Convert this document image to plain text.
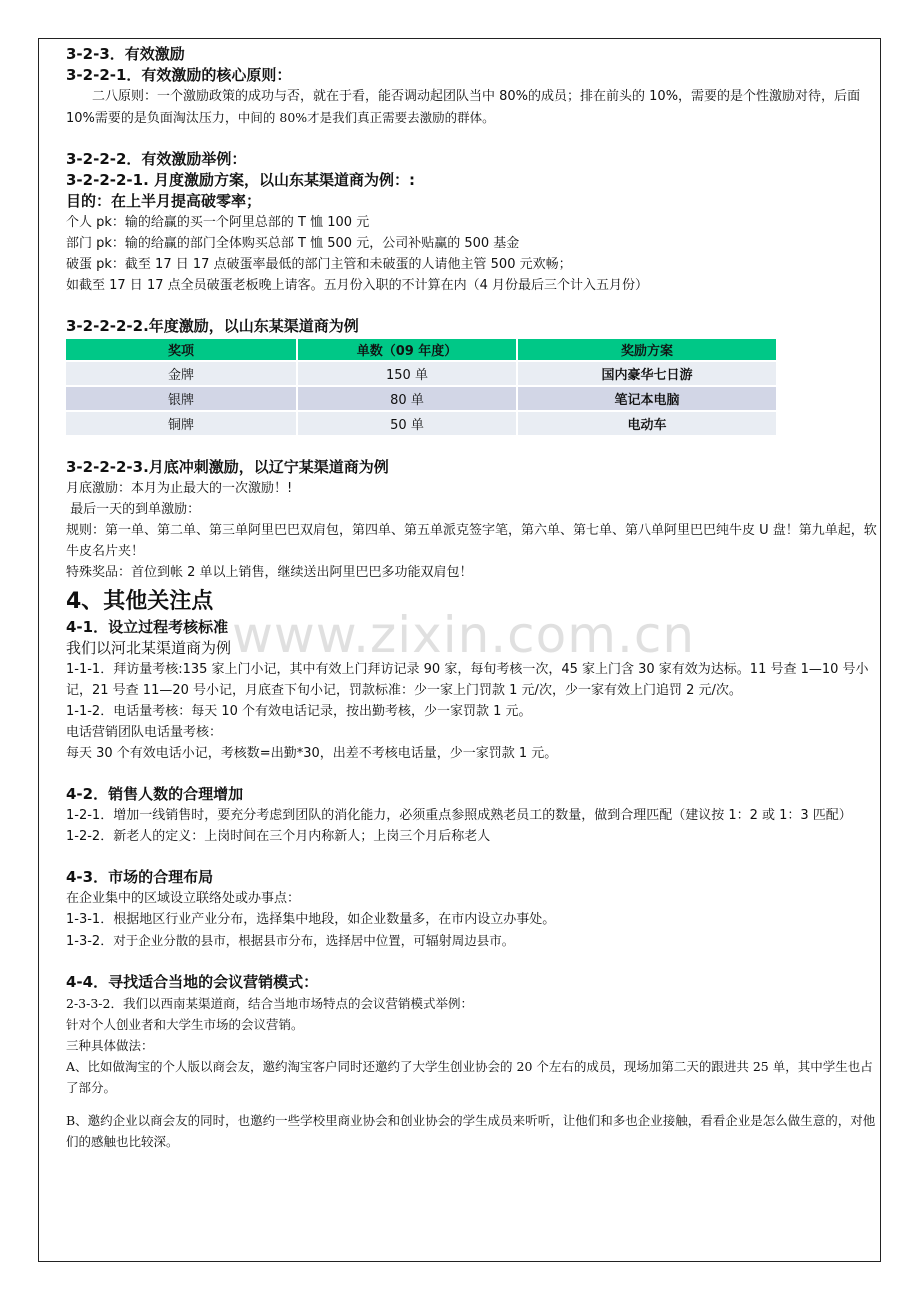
3-2-3．有效激励
3-2-2-1．有效激励的核心原则：
二八原则：一个激励政策的成功与否，就在于看，能否调动起团队当中 80%的成员；排在前头的 10%，需要的是个性激励对待，后面 10%需要的是负面淘汰压力，中间的 80%才是我们真正需要去激励的群体。
3-2-2-2．有效激励举例：
3-2-2-2-1. 月度激励方案，以山东某渠道商为例：:
目的：在上半月提高破零率；
个人 pk：输的给赢的买一个阿里总部的 T 恤 100 元
部门 pk：输的给赢的部门全体购买总部 T 恤 500 元，公司补贴赢的 500 基金
破蛋 pk：截至 17 日 17 点破蛋率最低的部门主管和未破蛋的人请他主管 500 元欢畅；
如截至 17 日 17 点全员破蛋老板晚上请客。五月份入职的不计算在内（4 月份最后三个计入五月份）
3-2-2-2-2.年度激励，以山东某渠道商为例
奖项	单数（09 年度）	奖励方案
金牌	150 单	国内豪华七日游
银牌	80 单	笔记本电脑
铜牌	50 单	电动车
3-2-2-2-3.月底冲刺激励，以辽宁某渠道商为例
月底激励：本月为止最大的一次激励！!
最后一天的到单激励：
规则：第一单、第二单、第三单阿里巴巴双肩包，第四单、第五单派克签字笔，第六单、第七单、第八单阿里巴巴纯牛皮 U 盘！第九单起，软牛皮名片夹！
特殊奖品：首位到帐 2 单以上销售，继续送出阿里巴巴多功能双肩包！
4、其他关注点
4-1．设立过程考核标准
我们以河北某渠道商为例
1-1-1．拜访量考核:135 家上门小记，其中有效上门拜访记录 90 家，每旬考核一次，45 家上门含 30 家有效为达标。11 号查 1—10 号小记，21 号查 11—20 号小记，月底查下旬小记，罚款标准：少一家上门罚款 1 元/次，少一家有效上门追罚 2 元/次。
1-1-2．电话量考核：每天 10 个有效电话记录，按出勤考核，少一家罚款 1 元。
电话营销团队电话量考核：
每天 30 个有效电话小记，考核数=出勤*30，出差不考核电话量，少一家罚款 1 元。
4-2．销售人数的合理增加
1-2-1．增加一线销售时，要充分考虑到团队的消化能力，必须重点参照成熟老员工的数量，做到合理匹配（建议按 1：2 或 1：3 匹配）
1-2-2．新老人的定义：上岗时间在三个月内称新人；上岗三个月后称老人
4-3．市场的合理布局
在企业集中的区域设立联络处或办事点：
1-3-1．根据地区行业产业分布，选择集中地段，如企业数量多，在市内设立办事处。
1-3-2．对于企业分散的县市，根据县市分布，选择居中位置，可辐射周边县市。
4-4．寻找适合当地的会议营销模式：
2-3-3-2．我们以西南某渠道商，结合当地市场特点的会议营销模式举例：
针对个人创业者和大学生市场的会议营销。
三种具体做法：
A、比如做淘宝的个人版以商会友，邀约淘宝客户同时还邀约了大学生创业协会的 20 个左右的成员，现场加第二天的跟进共 25 单，其中学生也占了部分。
B、邀约企业以商会友的同时，也邀约一些学校里商业协会和创业协会的学生成员来听听，让他们和多也企业接触，看看企业是怎么做生意的，对他们的感触也比较深。
www.zixin.com.cn
